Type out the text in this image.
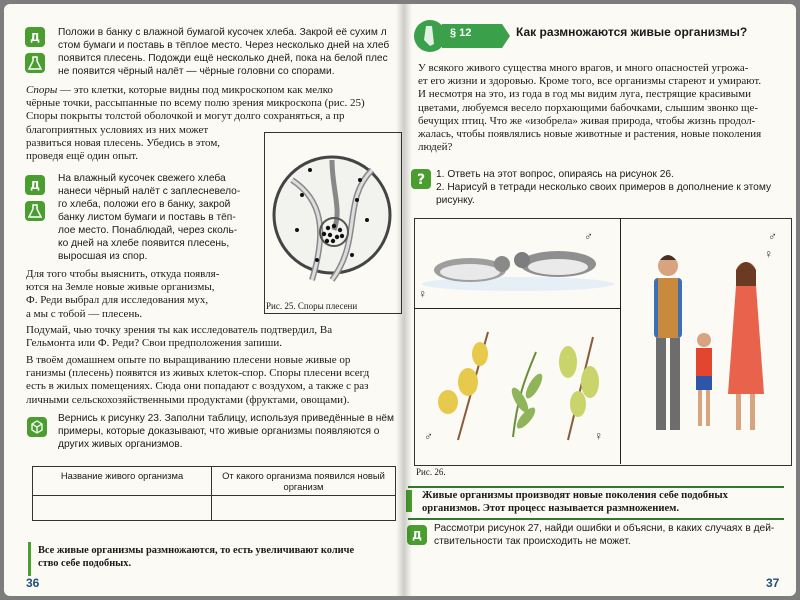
Д Положи в банку с влажной бумагой кусочек хлеба. Закрой её сухим л
стом бумаги и поставь в тёплое место. Через несколько дней на хлеб
появится плесень. Подожди ещё несколько дней, пока на белой плес
не появится чёрный налёт — чёрные головни со спорами.
Споры — это клетки, которые видны под микроскопом как мелко
чёрные точки, рассыпанные по всему полю зрения микроскопа (рис. 25)
Споры покрыты толстой оболочкой и могут долго сохраняться, а пр
благоприятных условиях из них может
развиться новая плесень. Убедись в этом,
проведя ещё один опыт.
Рис. 25. Споры плесени
Д
На влажный кусочек свежего хлеба
нанеси чёрный налёт с заплесневело-
го хлеба, положи его в банку, закрой
банку листом бумаги и поставь в тёп-
лое место. Понаблюдай, через сколь-
ко дней на хлебе появится плесень,
выросшая из спор.
Для того чтобы выяснить, откуда появля-
ются на Земле новые живые организмы,
Ф. Реди выбрал для исследования мух,
а мы с тобой — плесень.
Подумай, чью точку зрения ты как исследователь подтвердил, Ва
Гельмонта или Ф. Реди? Свои предположения запиши.
В твоём домашнем опыте по выращиванию плесени новые живые ор
ганизмы (плесень) появятся из живых клеток-спор. Споры плесени всегд
есть в жилых помещениях. Сюда они попадают с воздухом, а также с раз
личными сельскохозяйственными продуктами (фруктами, овощами).
Вернись к рисунку 23. Заполни таблицу, используя приведённые в нём
примеры, которые доказывают, что живые организмы появляются о
других живых организмов.
Название живого организма	От какого организма появился новый организм

Все живые организмы размножаются, то есть увеличивают количе
ство себе подобных.
36
§ 12	Как размножаются живые организмы?
У всякого живого существа много врагов, и много опасностей угрожа-
ет его жизни и здоровью. Кроме того, все организмы стареют и умирают.
И несмотря на это, из года в год мы видим луга, пестрящие красивыми
цветами, любуемся весело порхающими бабочками, слышим звонко ще-
бечущих птиц. Что же «изобрела» живая природа, чтобы жизнь продол-
жалась, чтобы появлялись новые животные и растения, новые поколения
людей?
? 1. Ответь на этот вопрос, опираясь на рисунок 26.
2. Нарисуй в тетради несколько своих примеров в дополнение к этому
рисунку.
♂
♀
♂	♀
♂
♀
Рис. 26.
Живые организмы производят новые поколения себе подобных
организмов. Этот процесс называется размножением.
Д
Рассмотри рисунок 27, найди ошибки и объясни, в каких случаях в дей-
ствительности так происходить не может.
37
